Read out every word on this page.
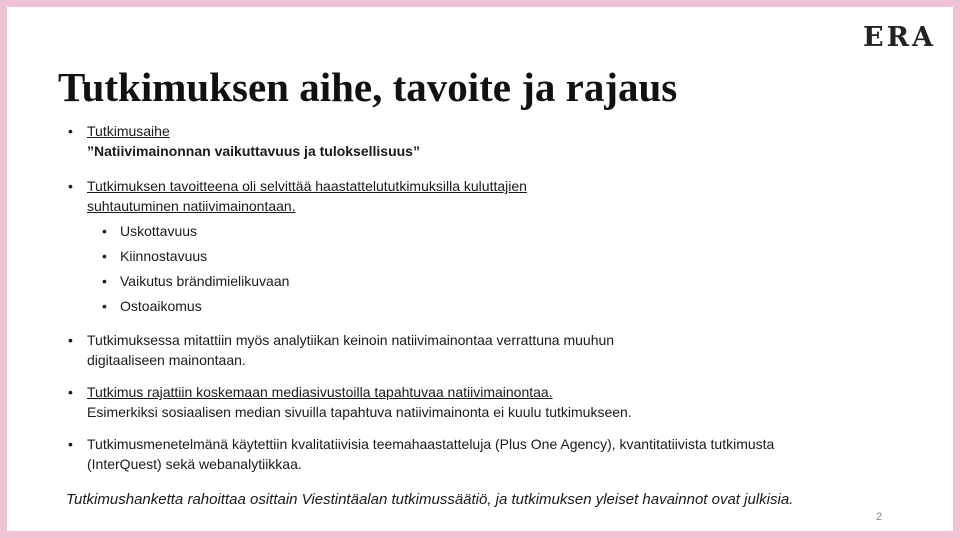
ERA
Tutkimuksen aihe, tavoite ja rajaus
• Tutkimusaihe
”Natiivimainonnan vaikuttavuus ja tuloksellisuus”
• Tutkimuksen tavoitteena oli selvittää haastattelututkimuksilla kuluttajien
suhtautuminen natiivimainontaan.
• Uskottavuus
• Kiinnostavuus
• Vaikutus brändimielikuvaan
• Ostoaikomus
• Tutkimuksessa mitattiin myös analytiikan keinoin natiivimainontaa verrattuna muuhun
digitaaliseen mainontaan.
• Tutkimus rajattiin koskemaan mediasivustoilla tapahtuvaa natiivimainontaa.
Esimerkiksi sosiaalisen median sivuilla tapahtuva natiivimainonta ei kuulu tutkimukseen.
• Tutkimusmenetelmänä käytettiin kvalitatiivisia teemahaastatteluja (Plus One Agency), kvantitatiivista tutkimusta
(InterQuest) sekä webanalytiikkaa.

Tutkimushanketta rahoittaa osittain Viestintäalan tutkimussäätiö, ja tutkimuksen yleiset havainnot ovat julkisia.

2
